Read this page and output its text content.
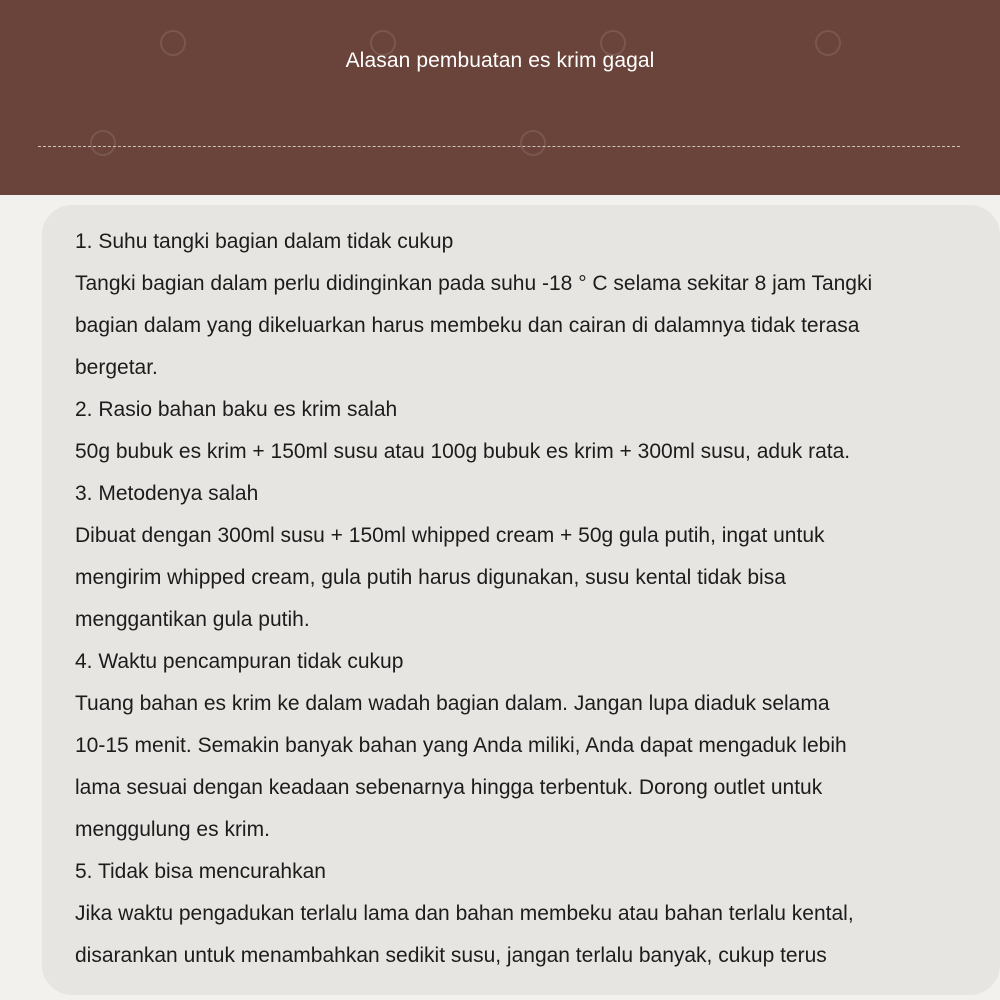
Alasan pembuatan es krim gagal
1. Suhu tangki bagian dalam tidak cukup
Tangki bagian dalam perlu didinginkan pada suhu -18 ° C selama sekitar 8 jam Tangki
bagian dalam yang dikeluarkan harus membeku dan cairan di dalamnya tidak terasa
bergetar.
2. Rasio bahan baku es krim salah
50g bubuk es krim + 150ml susu atau 100g bubuk es krim + 300ml susu, aduk rata.
3. Metodenya salah
Dibuat dengan 300ml susu + 150ml whipped cream + 50g gula putih, ingat untuk
mengirim whipped cream, gula putih harus digunakan, susu kental tidak bisa
menggantikan gula putih.
4. Waktu pencampuran tidak cukup
Tuang bahan es krim ke dalam wadah bagian dalam. Jangan lupa diaduk selama
10-15 menit. Semakin banyak bahan yang Anda miliki, Anda dapat mengaduk lebih
lama sesuai dengan keadaan sebenarnya hingga terbentuk. Dorong outlet untuk
menggulung es krim.
5. Tidak bisa mencurahkan
Jika waktu pengadukan terlalu lama dan bahan membeku atau bahan terlalu kental,
disarankan untuk menambahkan sedikit susu, jangan terlalu banyak, cukup terus
